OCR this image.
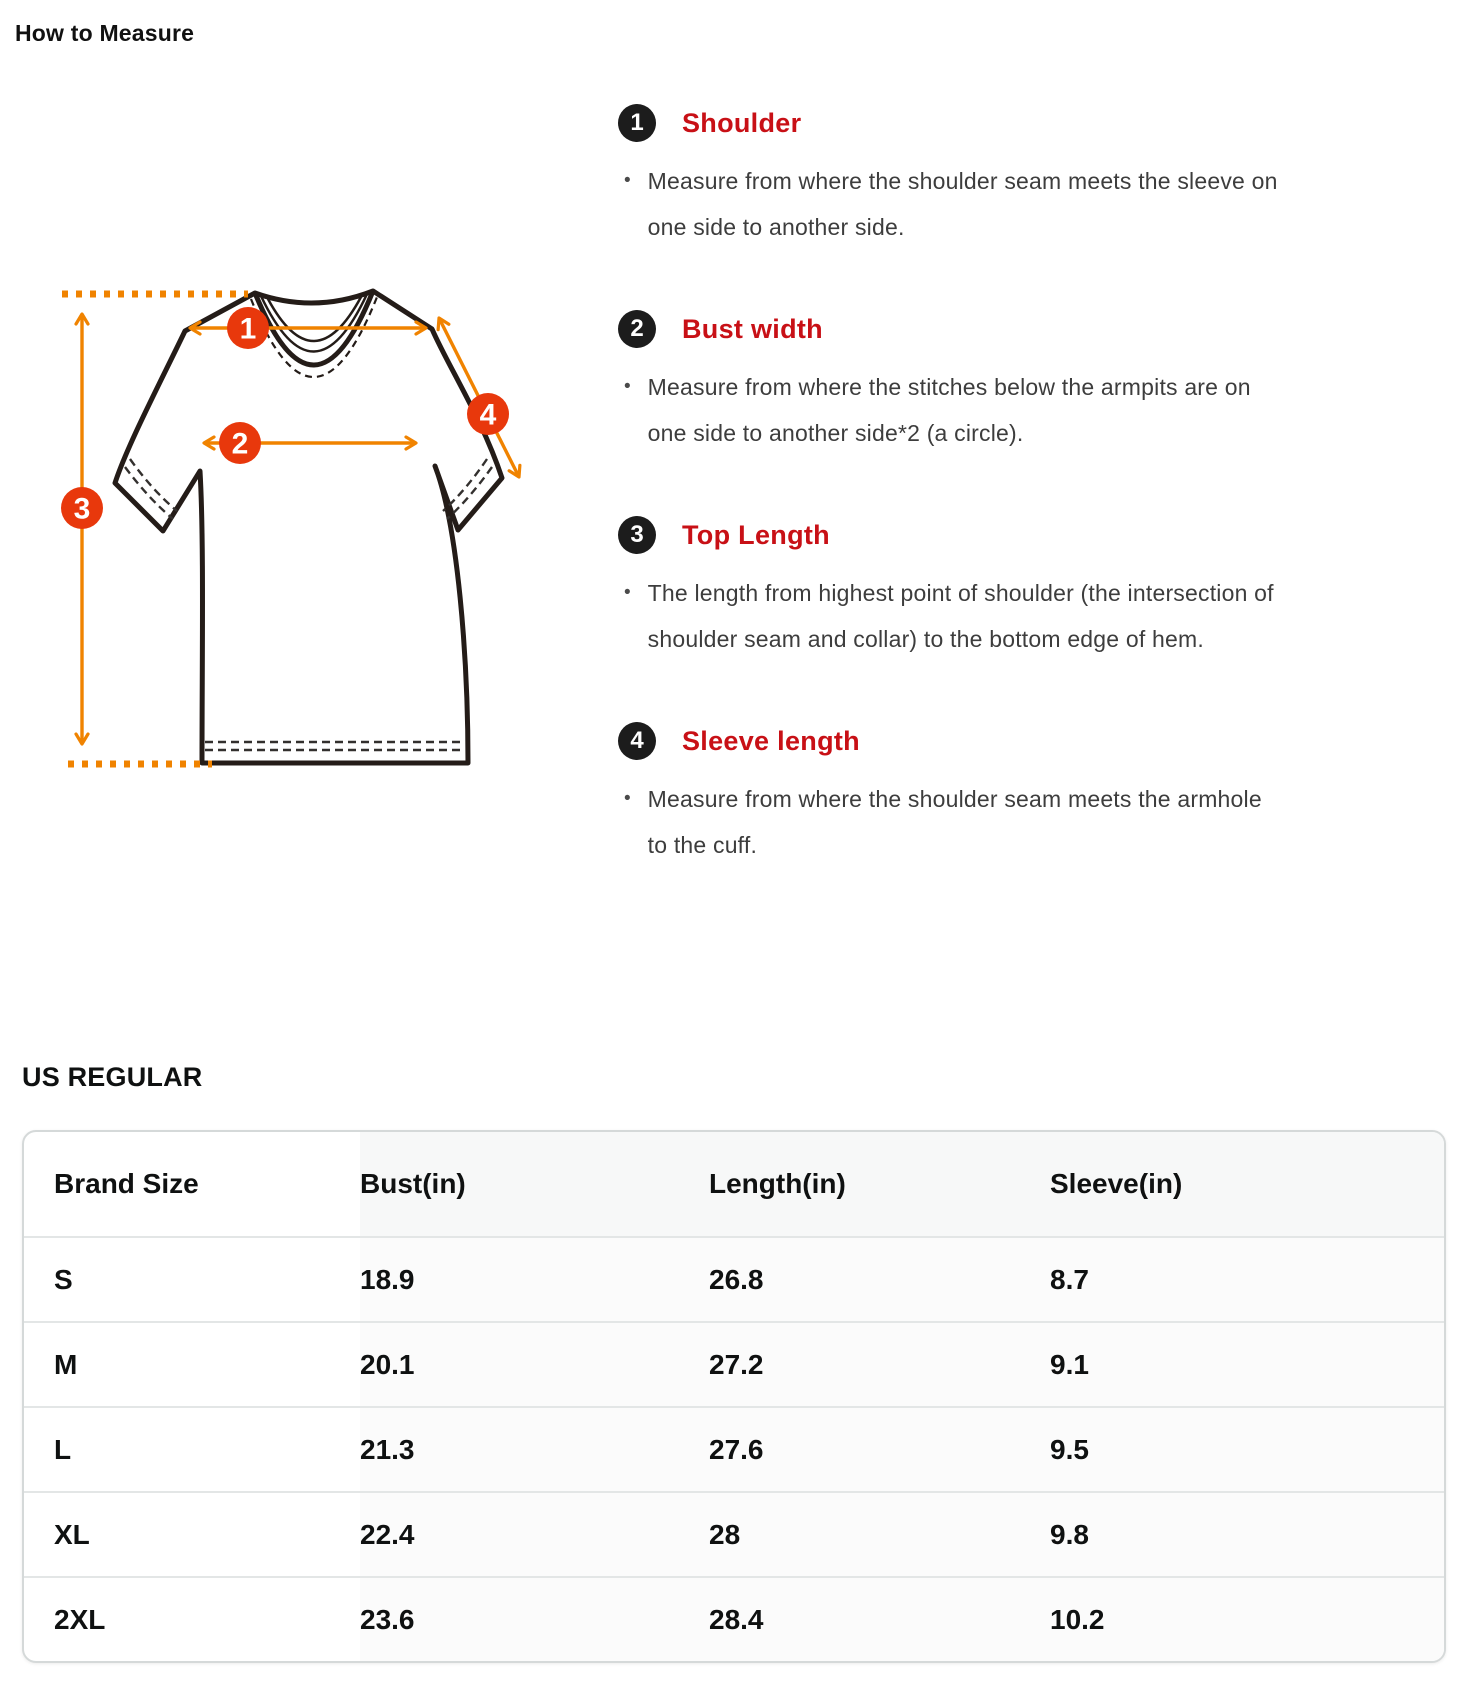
How to Measure
1
2
3
4
1	Shoulder
• Measure from where the shoulder seam meets the sleeve on one side to another side.
2	Bust width
• Measure from where the stitches below the armpits are on one side to another side*2 (a circle).
3	Top Length
• The length from highest point of shoulder (the intersection of shoulder seam and collar) to the bottom edge of hem.
4	Sleeve length
• Measure from where the shoulder seam meets the armhole to the cuff.
US REGULAR
Brand Size	Bust(in)	Length(in)	Sleeve(in)
S	18.9	26.8	8.7
M	20.1	27.2	9.1
L	21.3	27.6	9.5
XL	22.4	28	9.8
2XL	23.6	28.4	10.2
